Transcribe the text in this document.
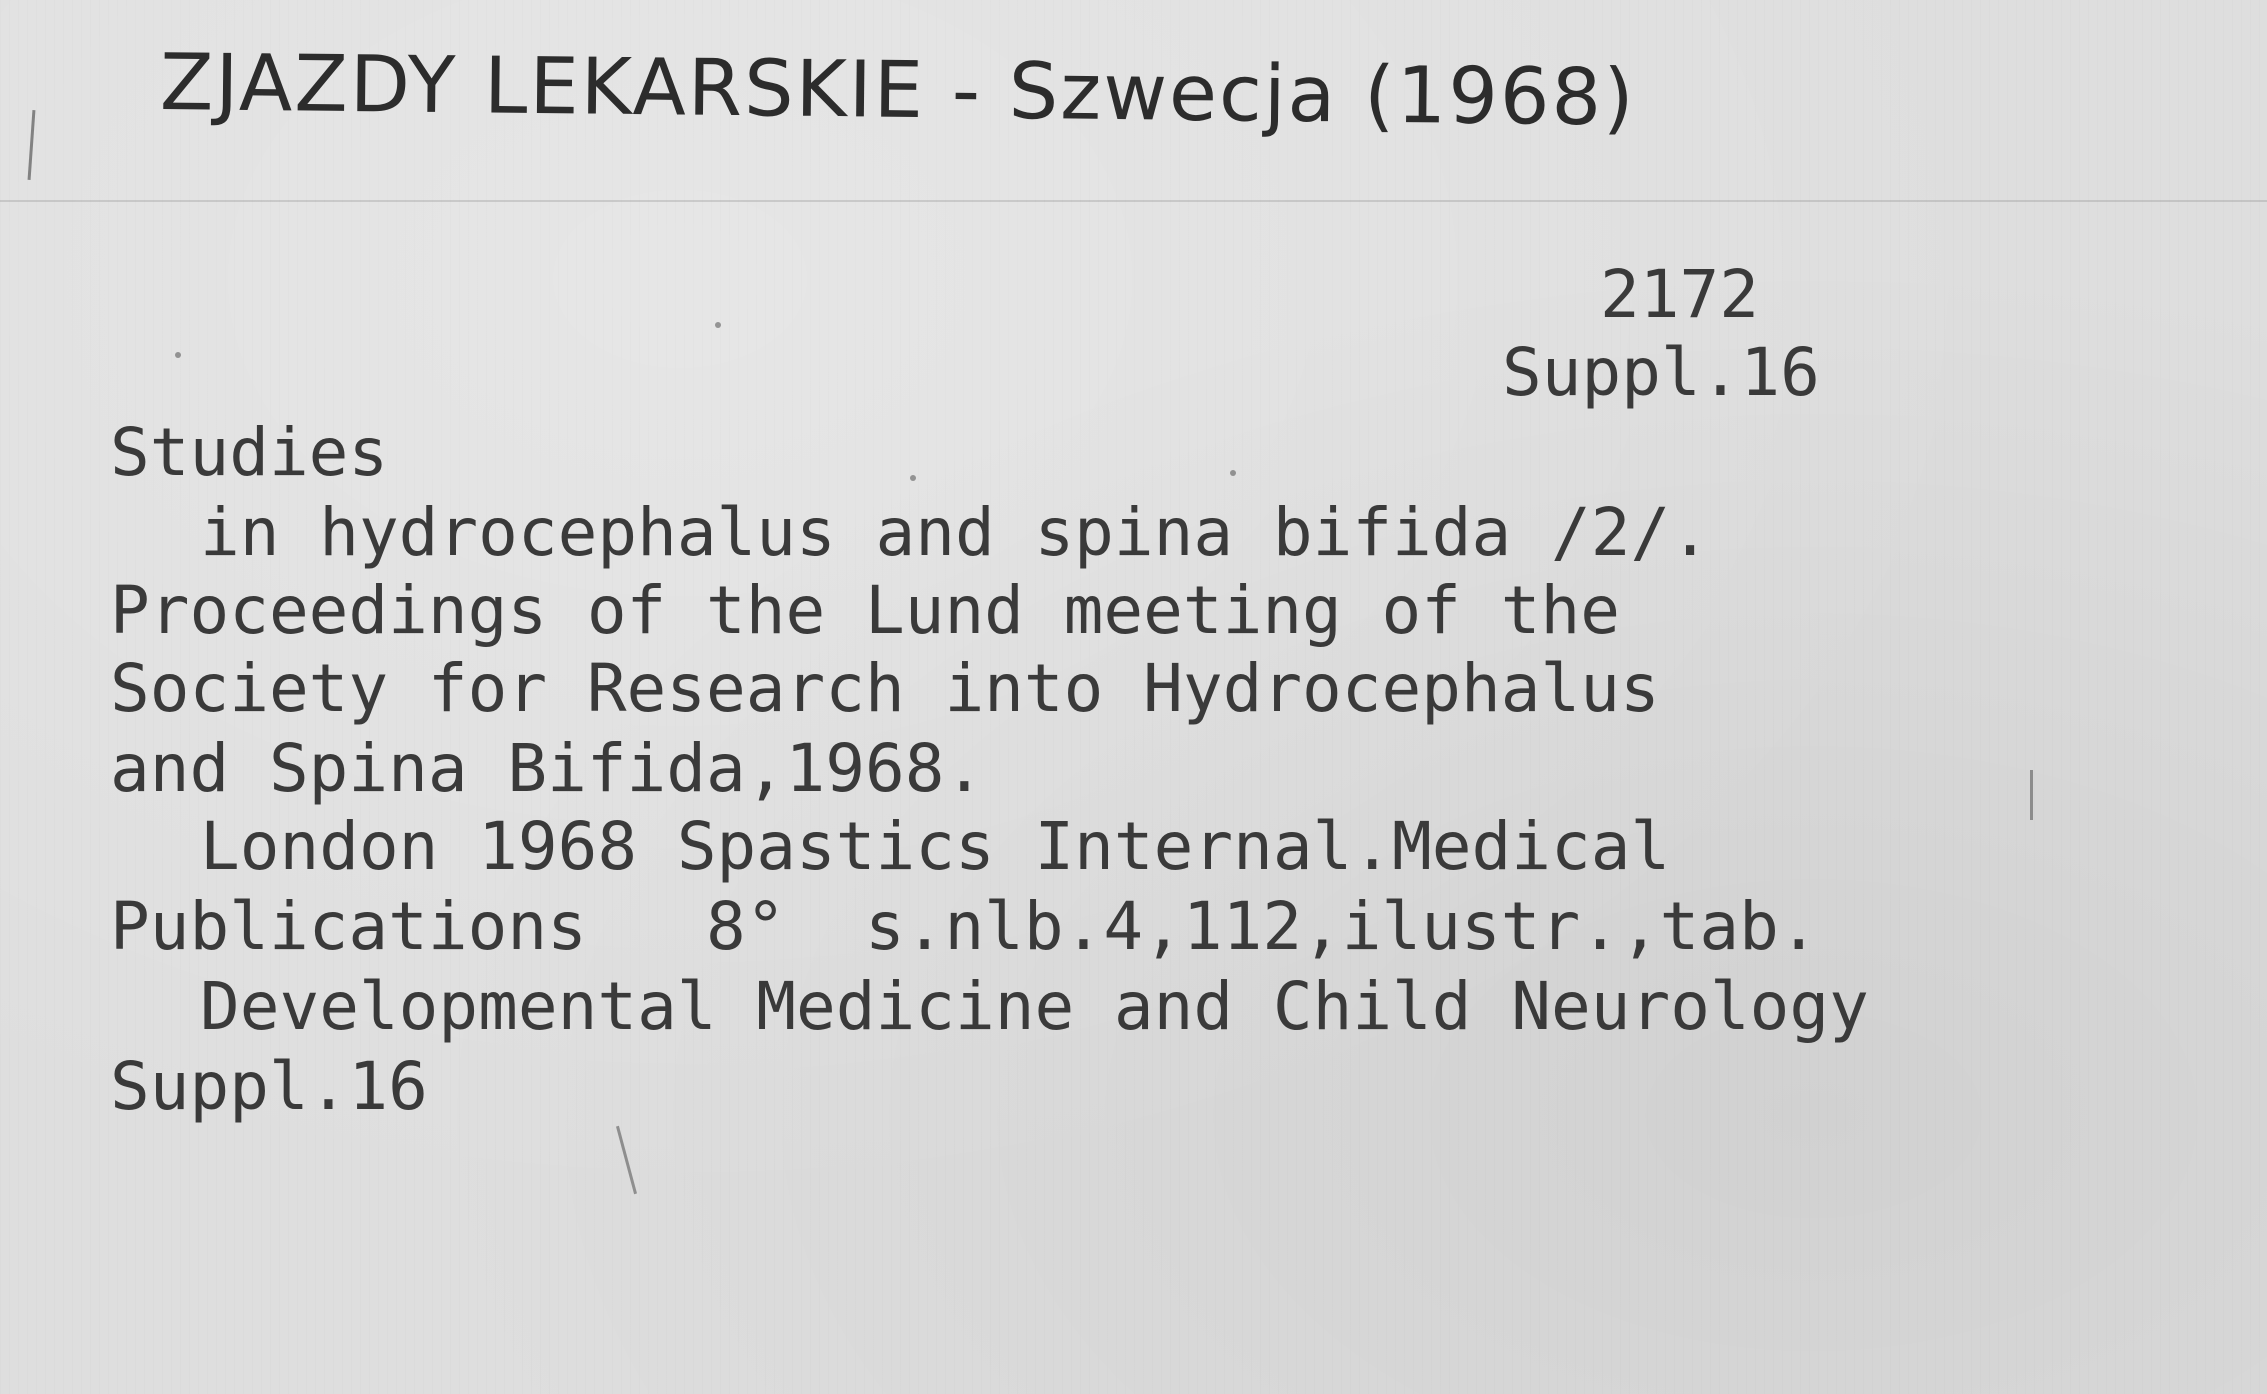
ZJAZDY LEKARSKIE - Szwecja (1968)
2172
Suppl.16
Studies
in hydrocephalus and spina bifida /2/.
Proceedings of the Lund meeting of the
Society for Research into Hydrocephalus
and Spina Bifida,1968.
London 1968 Spastics Internal.Medical
Publications   8°  s.nlb.4,112,ilustr.,tab.
Developmental Medicine and Child Neurology
Suppl.16
